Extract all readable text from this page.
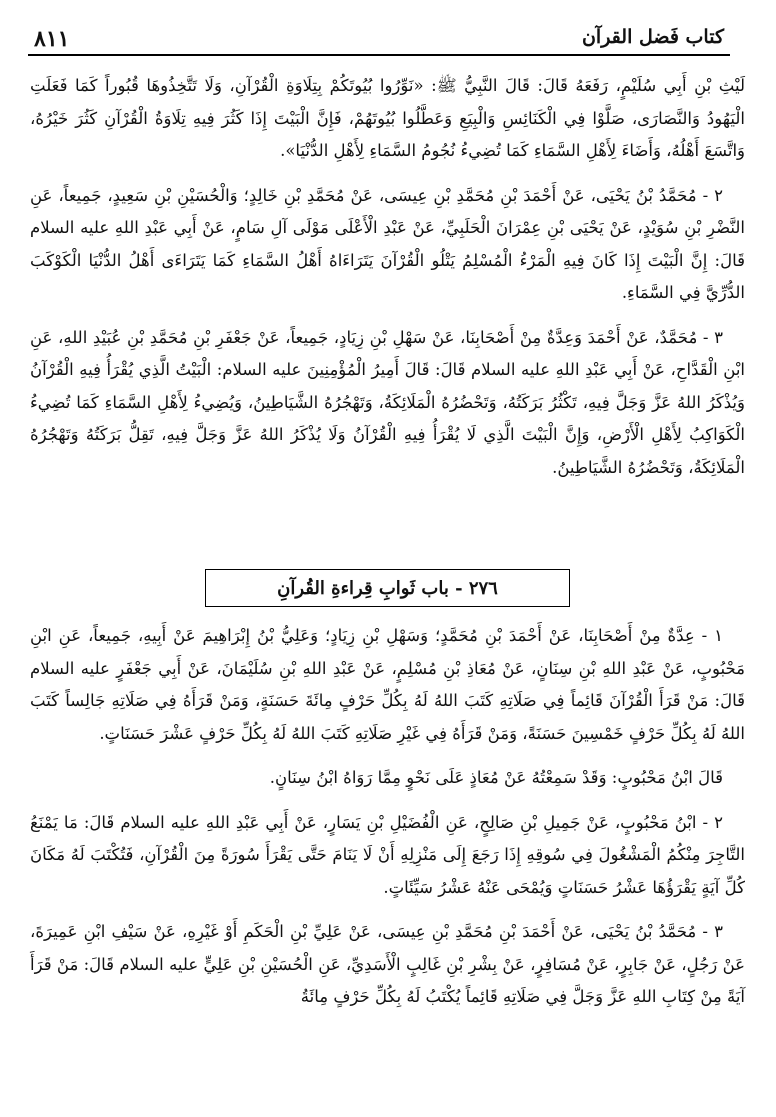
٨١١	كتاب فَضل القرآن

لَيْثِ بْنِ أَبِي سُلَيْمٍ، رَفَعَهُ قَالَ: قَالَ النَّبِيُّ ﷺ: «نَوِّرُوا بُيُوتَكُمْ بِتِلَاوَةِ الْقُرْآنِ، وَلَا تَتَّخِذُوهَا قُبُوراً كَمَا فَعَلَتِ الْيَهُودُ وَالنَّصَارَى، صَلَّوْا فِي الْكَنَائِسِ وَالْبِيَعِ وَعَطَّلُوا بُيُوتَهُمْ، فَإِنَّ الْبَيْتَ إِذَا كَثُرَ فِيهِ تِلَاوَةُ الْقُرْآنِ كَثُرَ خَيْرُهُ، وَاتَّسَعَ أَهْلُهُ، وَأَضَاءَ لِأَهْلِ السَّمَاءِ كَمَا تُضِيءُ نُجُومُ السَّمَاءِ لِأَهْلِ الدُّنْيَا».

٢ - مُحَمَّدُ بْنُ يَحْيَى، عَنْ أَحْمَدَ بْنِ مُحَمَّدِ بْنِ عِيسَى، عَنْ مُحَمَّدِ بْنِ خَالِدٍ؛ وَالْحُسَيْنِ بْنِ سَعِيدٍ، جَمِيعاً، عَنِ النَّضْرِ بْنِ سُوَيْدٍ، عَنْ يَحْيَى بْنِ عِمْرَانَ الْحَلَبِيِّ، عَنْ عَبْدِ الْأَعْلَى مَوْلَى آلِ سَامٍ، عَنْ أَبِي عَبْدِ اللهِ عليه السلام قَالَ: إِنَّ الْبَيْتَ إِذَا كَانَ فِيهِ الْمَرْءُ الْمُسْلِمُ يَتْلُو الْقُرْآنَ يَتَرَاءَاهُ أَهْلُ السَّمَاءِ كَمَا يَتَرَاءَى أَهْلُ الدُّنْيَا الْكَوْكَبَ الدُّرِّيَّ فِي السَّمَاءِ.

٣ - مُحَمَّدٌ، عَنْ أَحْمَدَ وَعِدَّةٌ مِنْ أَصْحَابِنَا، عَنْ سَهْلِ بْنِ زِيَادٍ، جَمِيعاً، عَنْ جَعْفَرِ بْنِ مُحَمَّدِ بْنِ عُبَيْدِ اللهِ، عَنِ ابْنِ الْقَدَّاحِ، عَنْ أَبِي عَبْدِ اللهِ عليه السلام قَالَ: قَالَ أَمِيرُ الْمُؤْمِنِينَ عليه السلام: الْبَيْتُ الَّذِي يُقْرَأُ فِيهِ الْقُرْآنُ وَيُذْكَرُ اللهُ عَزَّ وَجَلَّ فِيهِ، تَكْثُرُ بَرَكَتُهُ، وَتَحْضُرُهُ الْمَلَائِكَةُ، وَتَهْجُرُهُ الشَّيَاطِينُ، وَيُضِيءُ لِأَهْلِ السَّمَاءِ كَمَا تُضِيءُ الْكَوَاكِبُ لِأَهْلِ الْأَرْضِ، وَإِنَّ الْبَيْتَ الَّذِي لَا يُقْرَأُ فِيهِ الْقُرْآنُ وَلَا يُذْكَرُ اللهُ عَزَّ وَجَلَّ فِيهِ، تَقِلُّ بَرَكَتُهُ وَتَهْجُرُهُ الْمَلَائِكَةُ، وَتَحْضُرُهُ الشَّيَاطِينُ.

٢٧٦ - باب ثَوابِ قِراءةِ القُرآنِ

١ - عِدَّةٌ مِنْ أَصْحَابِنَا، عَنْ أَحْمَدَ بْنِ مُحَمَّدٍ؛ وَسَهْلِ بْنِ زِيَادٍ؛ وَعَلِيُّ بْنُ إِبْرَاهِيمَ عَنْ أَبِيهِ، جَمِيعاً، عَنِ ابْنِ مَحْبُوبٍ، عَنْ عَبْدِ اللهِ بْنِ سِنَانٍ، عَنْ مُعَاذِ بْنِ مُسْلِمٍ، عَنْ عَبْدِ اللهِ بْنِ سُلَيْمَانَ، عَنْ أَبِي جَعْفَرٍ عليه السلام قَالَ: مَنْ قَرَأَ الْقُرْآنَ قَائِماً فِي صَلَاتِهِ كَتَبَ اللهُ لَهُ بِكُلِّ حَرْفٍ مِائَةَ حَسَنَةٍ، وَمَنْ قَرَأَهُ فِي صَلَاتِهِ جَالِساً كَتَبَ اللهُ لَهُ بِكُلِّ حَرْفٍ خَمْسِينَ حَسَنَةً، وَمَنْ قَرَأَهُ فِي غَيْرِ صَلَاتِهِ كَتَبَ اللهُ لَهُ بِكُلِّ حَرْفٍ عَشْرَ حَسَنَاتٍ.

قَالَ ابْنُ مَحْبُوبٍ: وَقَدْ سَمِعْتُهُ عَنْ مُعَاذٍ عَلَى نَحْوٍ مِمَّا رَوَاهُ ابْنُ سِنَانٍ.

٢ - ابْنُ مَحْبُوبٍ، عَنْ جَمِيلِ بْنِ صَالِحٍ، عَنِ الْفُضَيْلِ بْنِ يَسَارٍ، عَنْ أَبِي عَبْدِ اللهِ عليه السلام قَالَ: مَا يَمْنَعُ التَّاجِرَ مِنْكُمُ الْمَشْغُولَ فِي سُوقِهِ إِذَا رَجَعَ إِلَى مَنْزِلِهِ أَنْ لَا يَنَامَ حَتَّى يَقْرَأَ سُورَةً مِنَ الْقُرْآنِ، فَتُكْتَبَ لَهُ مَكَانَ كُلِّ آيَةٍ يَقْرَؤُهَا عَشْرُ حَسَنَاتٍ وَيُمْحَى عَنْهُ عَشْرُ سَيِّئَاتٍ.

٣ - مُحَمَّدُ بْنُ يَحْيَى، عَنْ أَحْمَدَ بْنِ مُحَمَّدِ بْنِ عِيسَى، عَنْ عَلِيِّ بْنِ الْحَكَمِ أَوْ غَيْرِهِ، عَنْ سَيْفِ ابْنِ عَمِيرَةَ، عَنْ رَجُلٍ، عَنْ جَابِرٍ، عَنْ مُسَافِرٍ، عَنْ بِشْرِ بْنِ غَالِبٍ الْأَسَدِيِّ، عَنِ الْحُسَيْنِ بْنِ عَلِيٍّ عليه السلام قَالَ: مَنْ قَرَأَ آيَةً مِنْ كِتَابِ اللهِ عَزَّ وَجَلَّ فِي صَلَاتِهِ قَائِماً يُكْتَبُ لَهُ بِكُلِّ حَرْفٍ مِائَةُ
